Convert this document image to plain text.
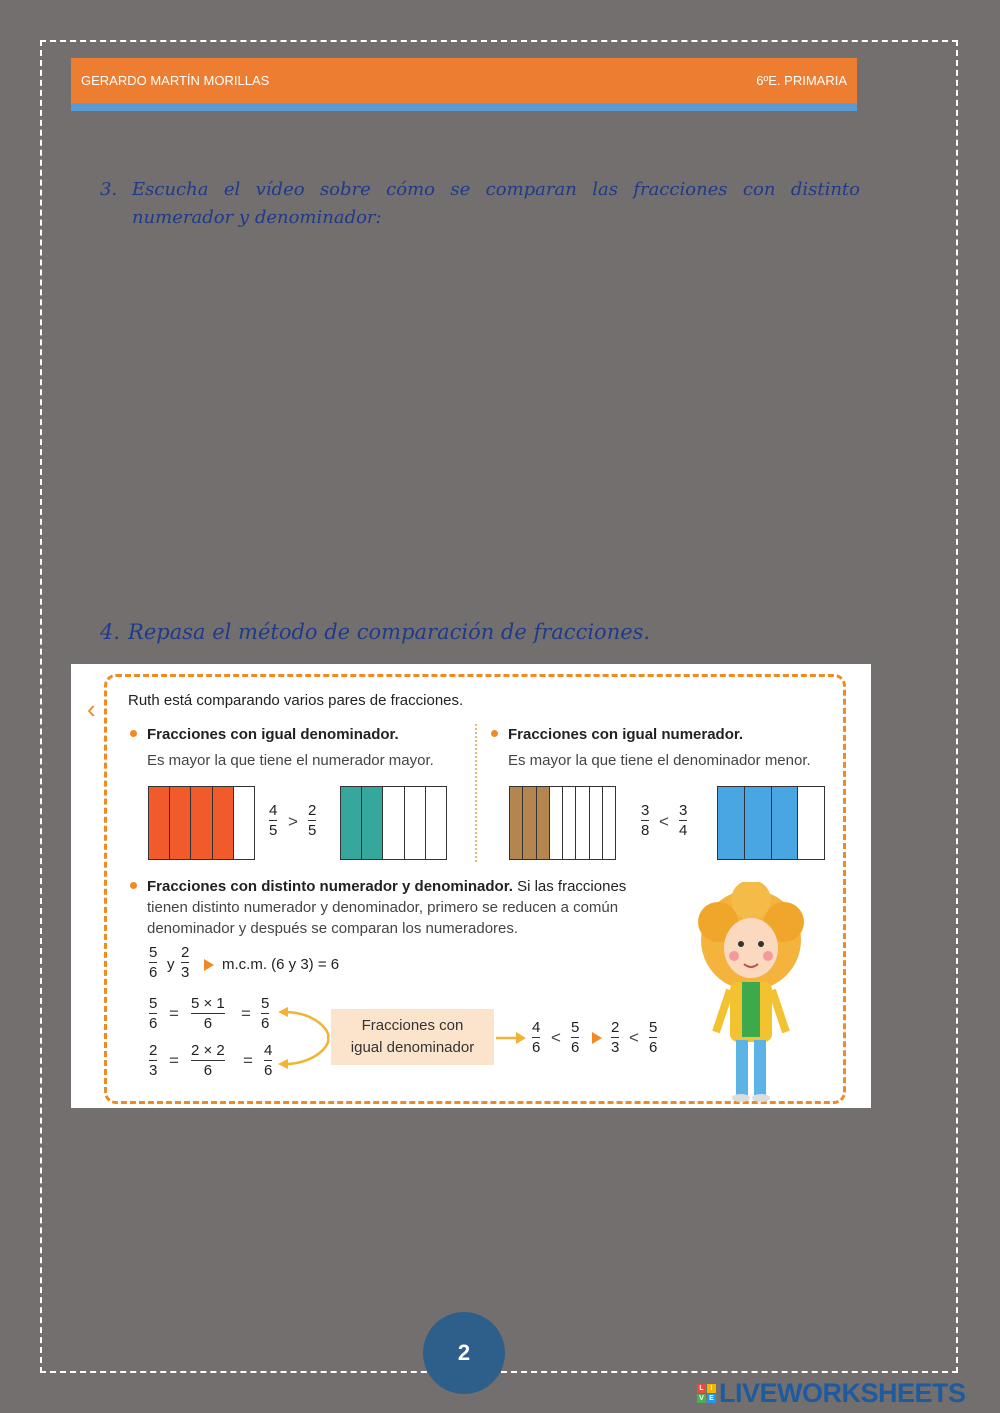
GERARDO MARTÍN MORILLAS	6ºE. PRIMARIA
3. Escucha el vídeo sobre cómo se comparan las fracciones con distinto numerador y denominador:
4. Repasa el método de comparación de fracciones.
‹ Ruth está comparando varios pares de fracciones.
Fracciones con igual denominador.
Es mayor la que tiene el numerador mayor.
4
5 >
2
5
Fracciones con igual numerador.
Es mayor la que tiene el denominador menor.
3
8 <
3
4
Fracciones con distinto numerador y denominador. Si las fracciones
tienen distinto numerador y denominador, primero se reducen a común
denominador y después se comparan los numeradores.
5
6 y
2
3 m.c.m. (6 y 3) = 6
5
6
=
5 × 1
6
=
5
6
2
3
=
2 × 2
6
=
4
6
Fracciones con
igual denominador
4
6
<
5
6
2
3
<
5
6
2
L I
V E LIVEWORKSHEETS
